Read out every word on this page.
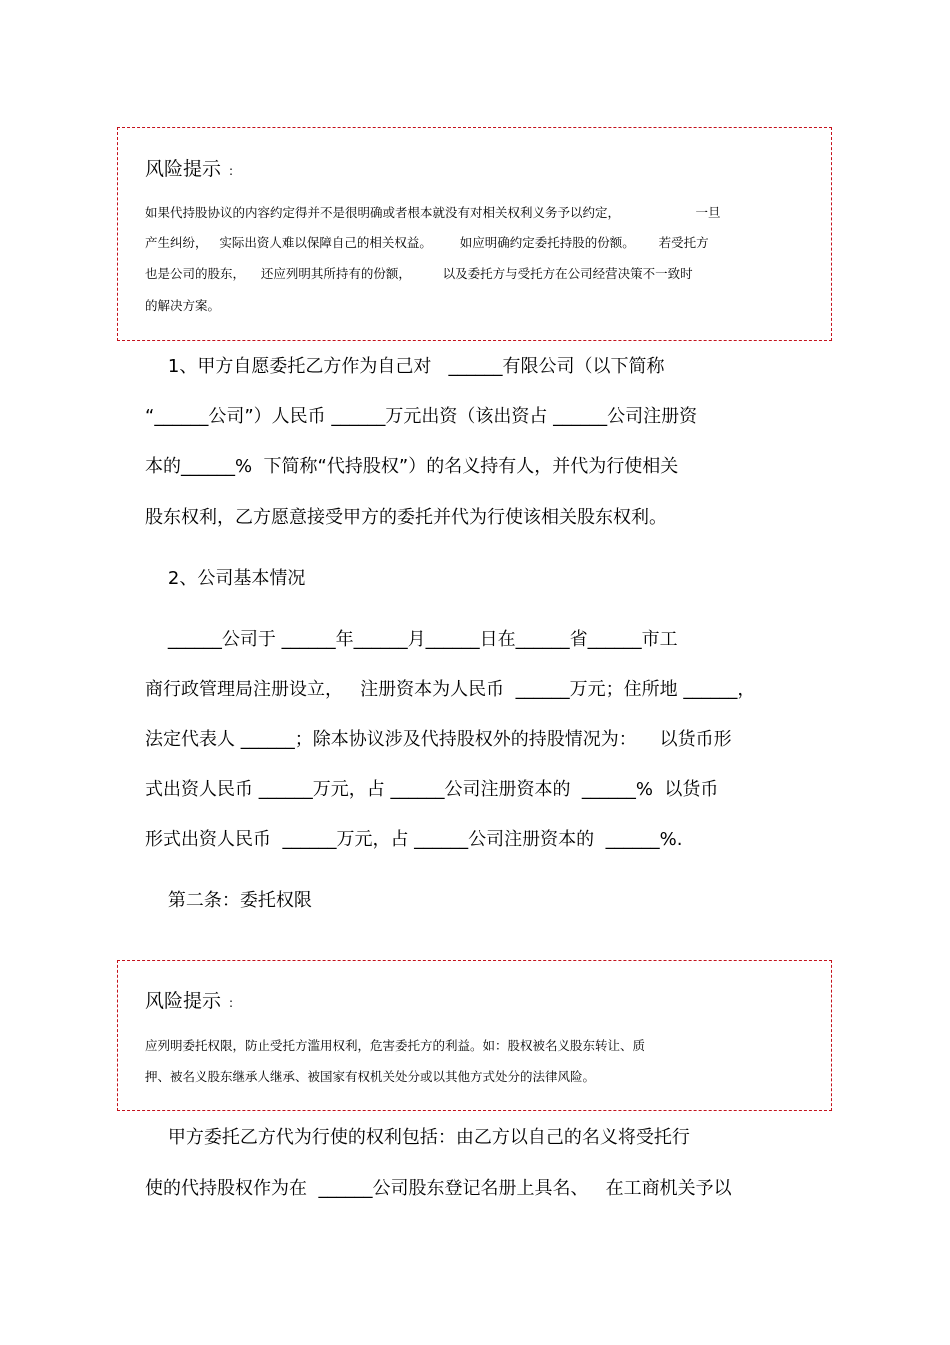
风险提示 :
如果代持股协议的内容约定得并不是很明确或者根本就没有对相关权利义务予以约定，                   一旦
产生纠纷，   实际出资人难以保障自己的相关权益。       如应明确约定委托持股的份额。      若受托方
也是公司的股东，    还应列明其所持有的份额，        以及委托方与受托方在公司经营决策不一致时
的解决方案。
1、甲方自愿委托乙方作为自己对   ______有限公司（以下简称
“______公司”）人民币 ______万元出资（该出资占 ______公司注册资
本的______%  下简称“代持股权”）的名义持有人，并代为行使相关
股东权利，乙方愿意接受甲方的委托并代为行使该相关股东权利。
2、公司基本情况
______公司于 ______年______月______日在______省______市工
商行政管理局注册设立，   注册资本为人民币  ______万元；住所地 ______，
法定代表人 ______；除本协议涉及代持股权外的持股情况为：    以货币形
式出资人民币 ______万元，占 ______公司注册资本的  ______%  以货币
形式出资人民币  ______万元，占 ______公司注册资本的  ______%.
第二条：委托权限
风险提示 :
应列明委托权限，防止受托方滥用权利，危害委托方的利益。如：股权被名义股东转让、质
押、被名义股东继承人继承、被国家有权机关处分或以其他方式处分的法律风险。
甲方委托乙方代为行使的权利包括：由乙方以自己的名义将受托行
使的代持股权作为在  ______公司股东登记名册上具名、   在工商机关予以
